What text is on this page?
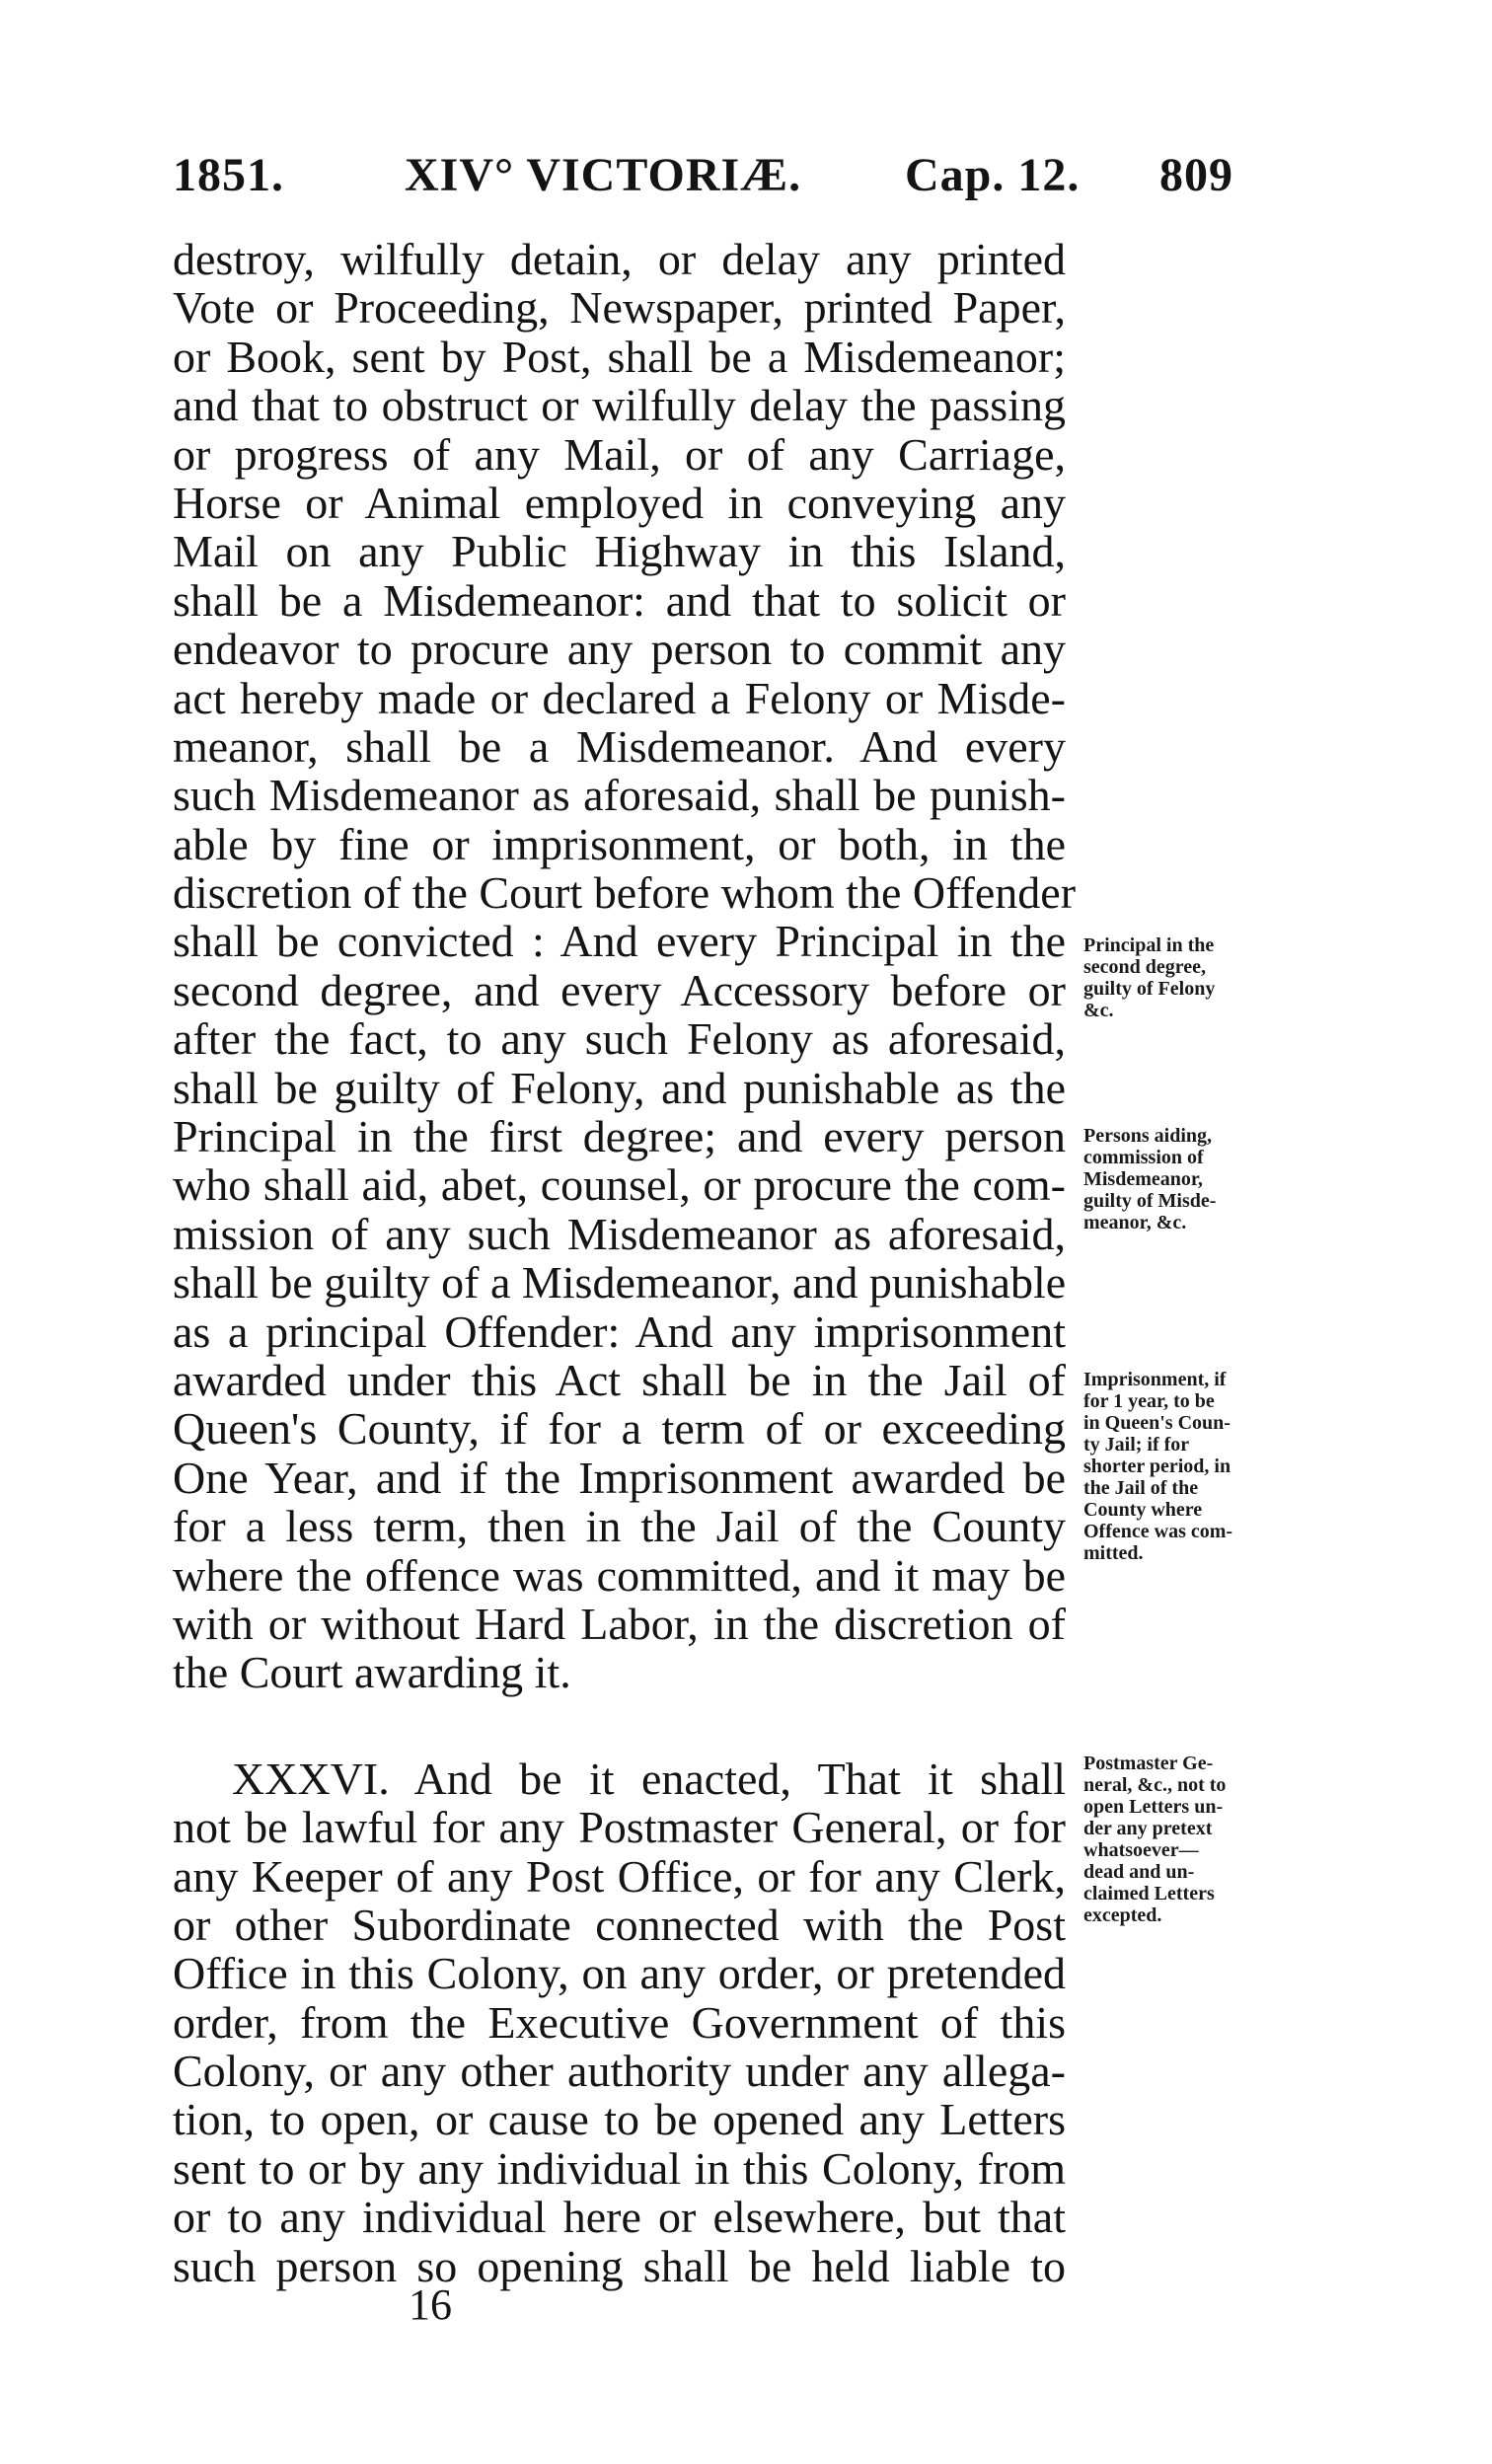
1851.	XIV° VICTORIÆ. Cap. 12. 809
destroy, wilfully detain, or delay any printed
Vote or Proceeding, Newspaper, printed Paper,
or Book, sent by Post, shall be a Misdemeanor;
and that to obstruct or wilfully delay the passing
or progress of any Mail, or of any Carriage,
Horse or Animal employed in conveying any
Mail on any Public Highway in this Island,
shall be a Misdemeanor: and that to solicit or
endeavor to procure any person to commit any
act hereby made or declared a Felony or Misde-
meanor, shall be a Misdemeanor. And every
such Misdemeanor as aforesaid, shall be punish-
able by fine or imprisonment, or both, in the
discretion of the Court before whom the Offender
shall be convicted : And every Principal in the
second degree, and every Accessory before or
after the fact, to any such Felony as aforesaid,
shall be guilty of Felony, and punishable as the
Principal in the first degree; and every person
who shall aid, abet, counsel, or procure the com-
mission of any such Misdemeanor as aforesaid,
shall be guilty of a Misdemeanor, and punishable
as a principal Offender: And any imprisonment
awarded under this Act shall be in the Jail of
Queen's County, if for a term of or exceeding
One Year, and if the Imprisonment awarded be
for a less term, then in the Jail of the County
where the offence was committed, and it may be
with or without Hard Labor, in the discretion of
the Court awarding it.
XXXVI. And be it enacted, That it shall
not be lawful for any Postmaster General, or for
any Keeper of any Post Office, or for any Clerk,
or other Subordinate connected with the Post
Office in this Colony, on any order, or pretended
order, from the Executive Government of this
Colony, or any other authority under any allega-
tion, to open, or cause to be opened any Letters
sent to or by any individual in this Colony, from
or to any individual here or elsewhere, but that
such person so opening shall be held liable to
Principal in the
second degree,
guilty of Felony
&c.
Persons aiding,
commission of
Misdemeanor,
guilty of Misde-
meanor, &c.
Imprisonment, if
for 1 year, to be
in Queen's Coun-
ty Jail; if for
shorter period, in
the Jail of the
County where
Offence was com-
mitted.
Postmaster Ge-
neral, &c., not to
open Letters un-
der any pretext
whatsoever—
dead and un-
claimed Letters
excepted.
16
